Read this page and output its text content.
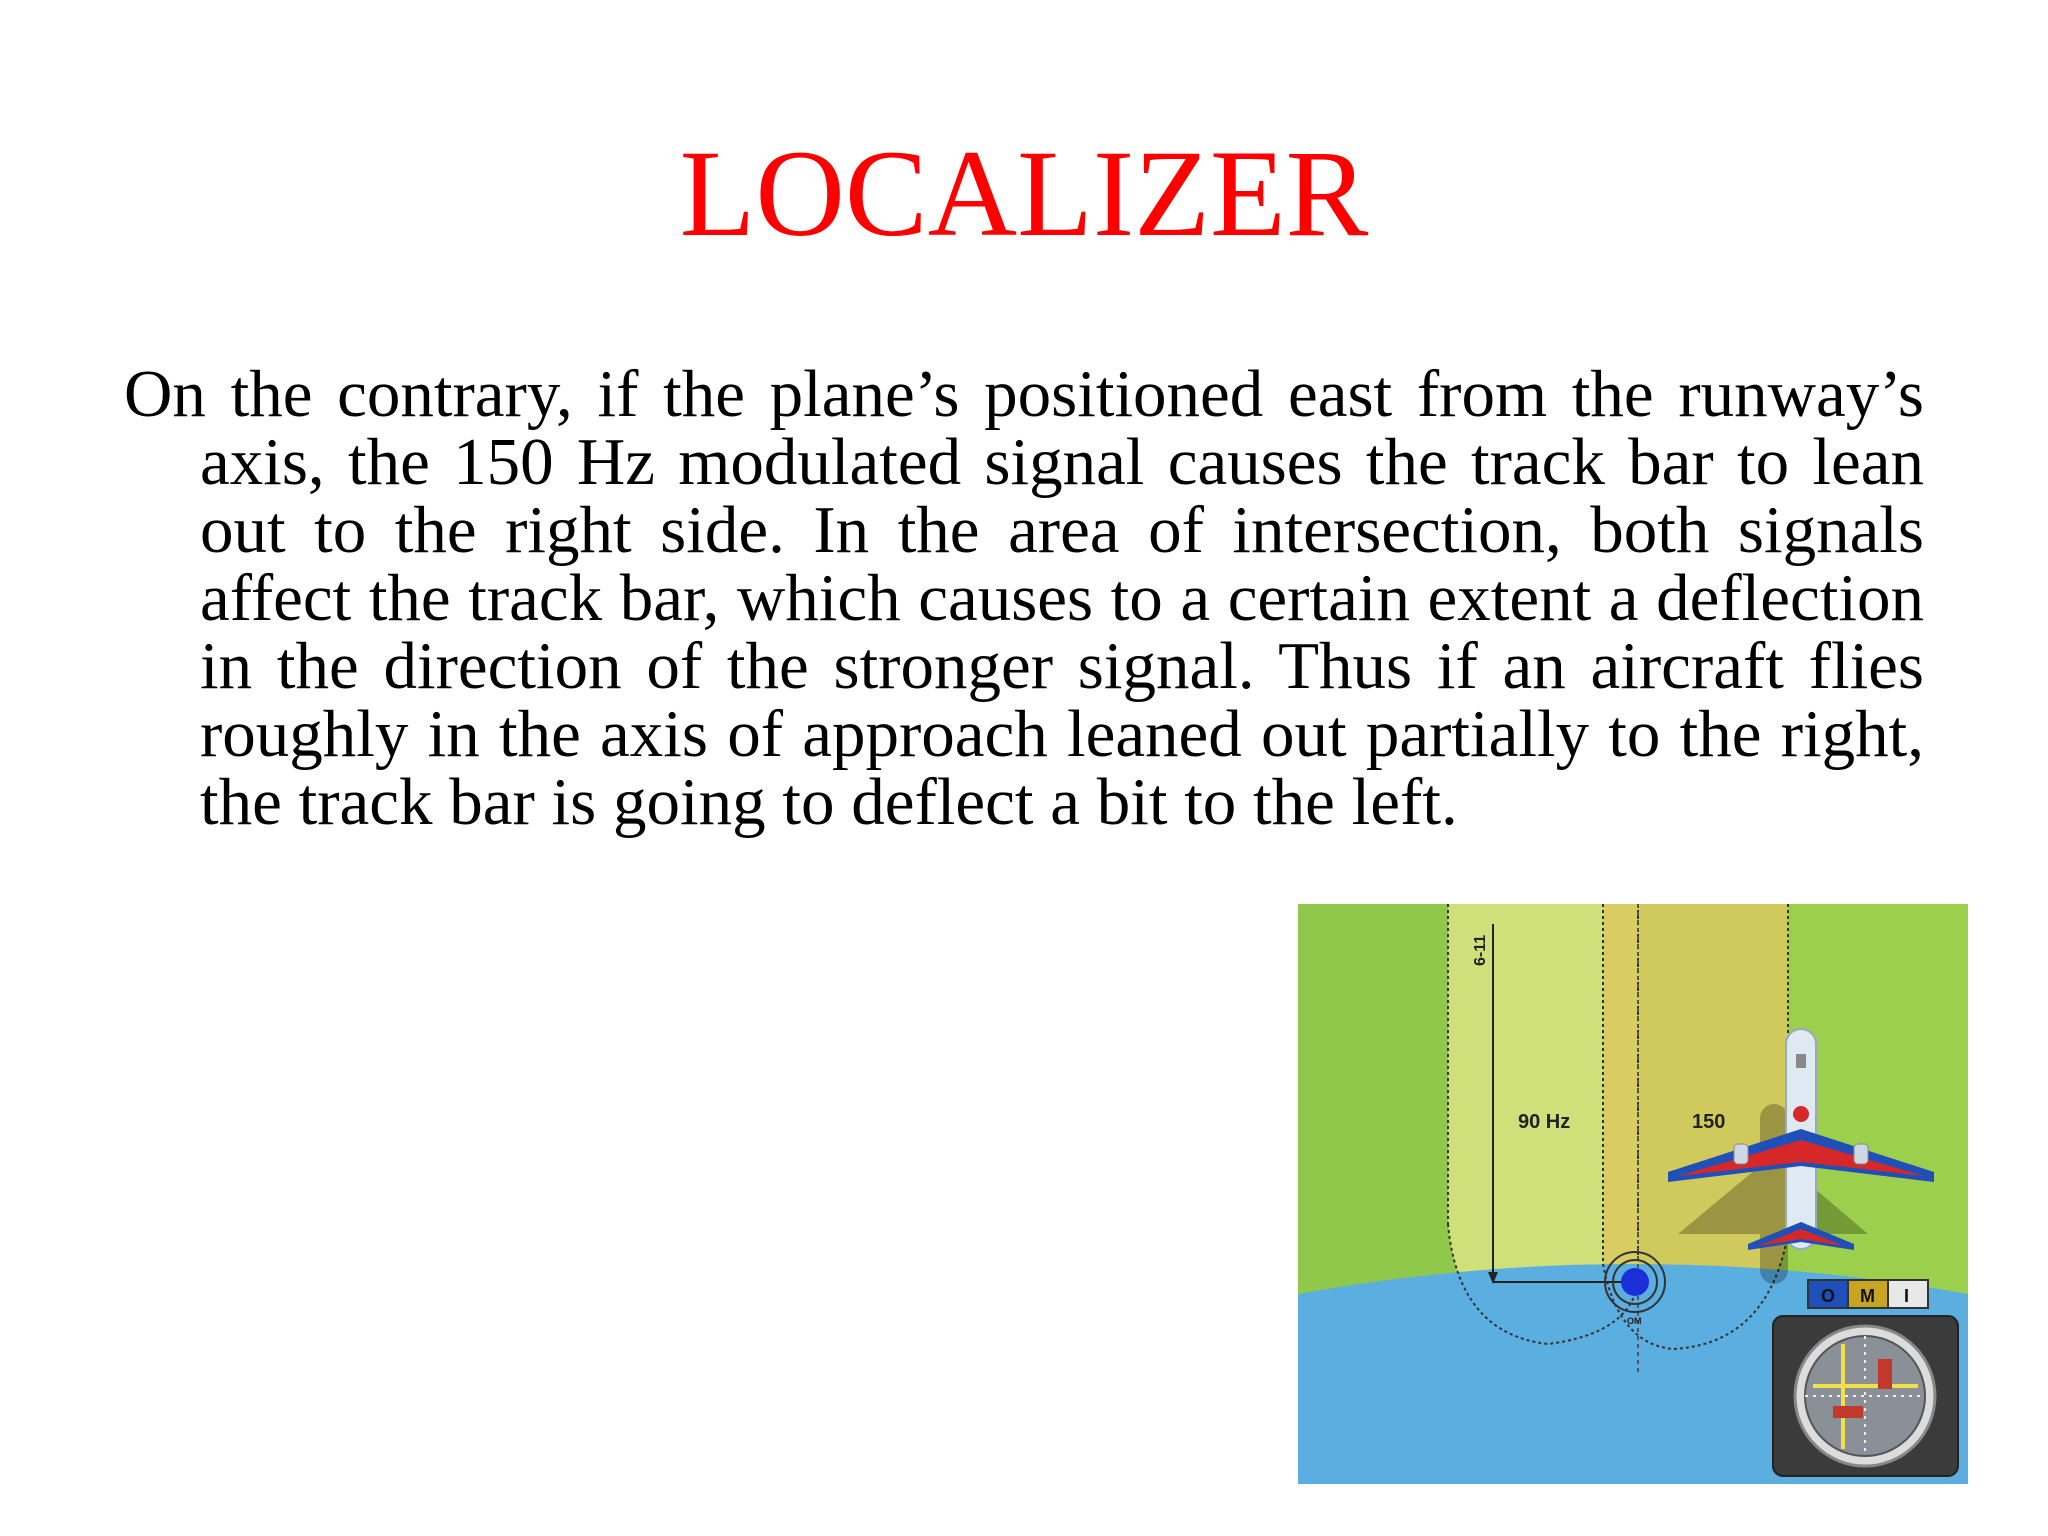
LOCALIZER

On the contrary, if the plane’s positioned east from the runway’s axis, the 150 Hz modulated signal causes the track bar to lean out to the right side. In the area of intersection, both signals affect the track bar, which causes to a certain extent a deflection in the direction of the stronger signal. Thus if an aircraft flies roughly in the axis of approach leaned out partially to the right, the track bar is going to deflect a bit to the left.

6-11
90 Hz	150
OM
O M I
